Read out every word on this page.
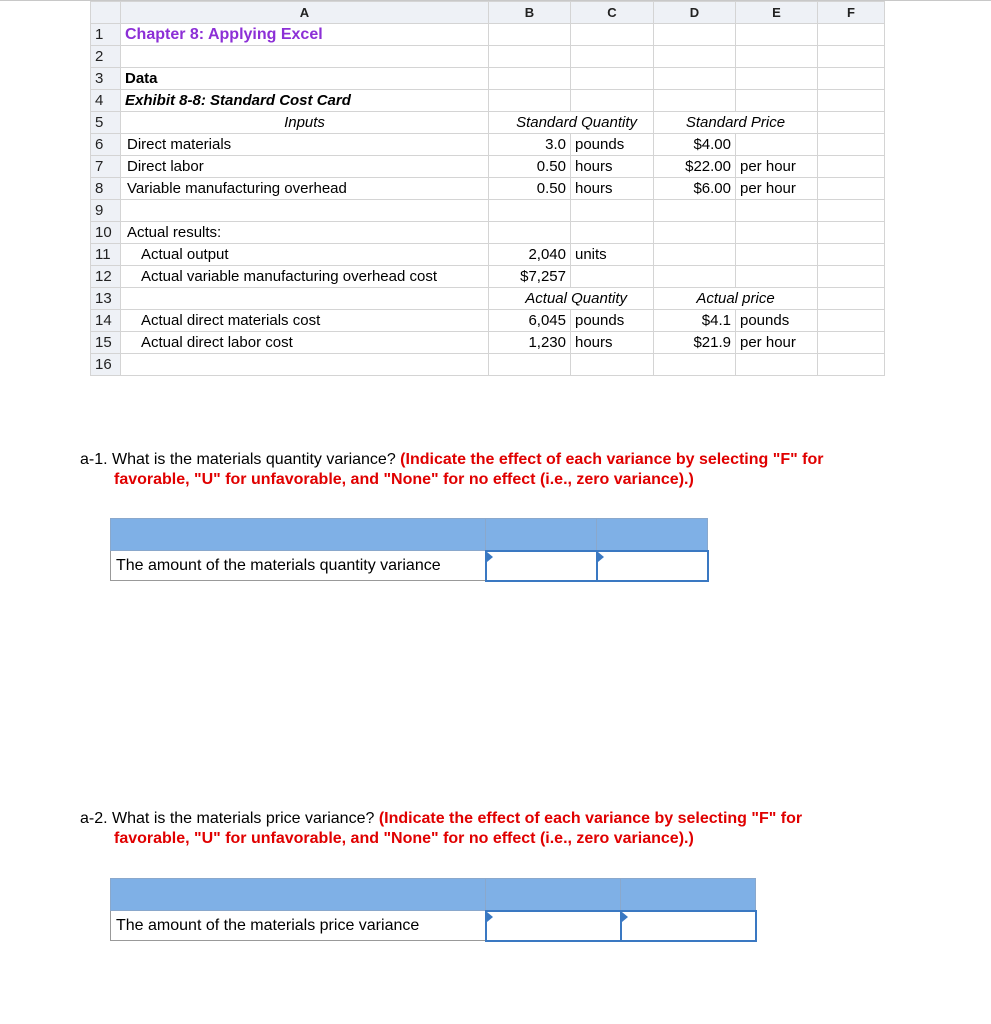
	A	B	C	D	E	F
1	Chapter 8: Applying Excel					
2						
3	Data					
4	Exhibit 8-8: Standard Cost Card					
5	Inputs	Standard Quantity		Standard Price		
6	Direct materials	3.0	pounds	$4.00		
7	Direct labor	0.50	hours	$22.00	per hour	
8	Variable manufacturing overhead	0.50	hours	$6.00	per hour	
9						
10	Actual results:					
11	Actual output	2,040	units			
12	Actual variable manufacturing overhead cost	$7,257				
13		Actual Quantity		Actual price		
14	Actual direct materials cost	6,045	pounds	$4.1	pounds	
15	Actual direct labor cost	1,230	hours	$21.9	per hour	
16						
a-1. What is the materials quantity variance? (Indicate the effect of each variance by selecting "F" for
favorable, "U" for unfavorable, and "None" for no effect (i.e., zero variance).)

The amount of the materials quantity variance	

a-2. What is the materials price variance? (Indicate the effect of each variance by selecting "F" for
favorable, "U" for unfavorable, and "None" for no effect (i.e., zero variance).)

The amount of the materials price variance	
